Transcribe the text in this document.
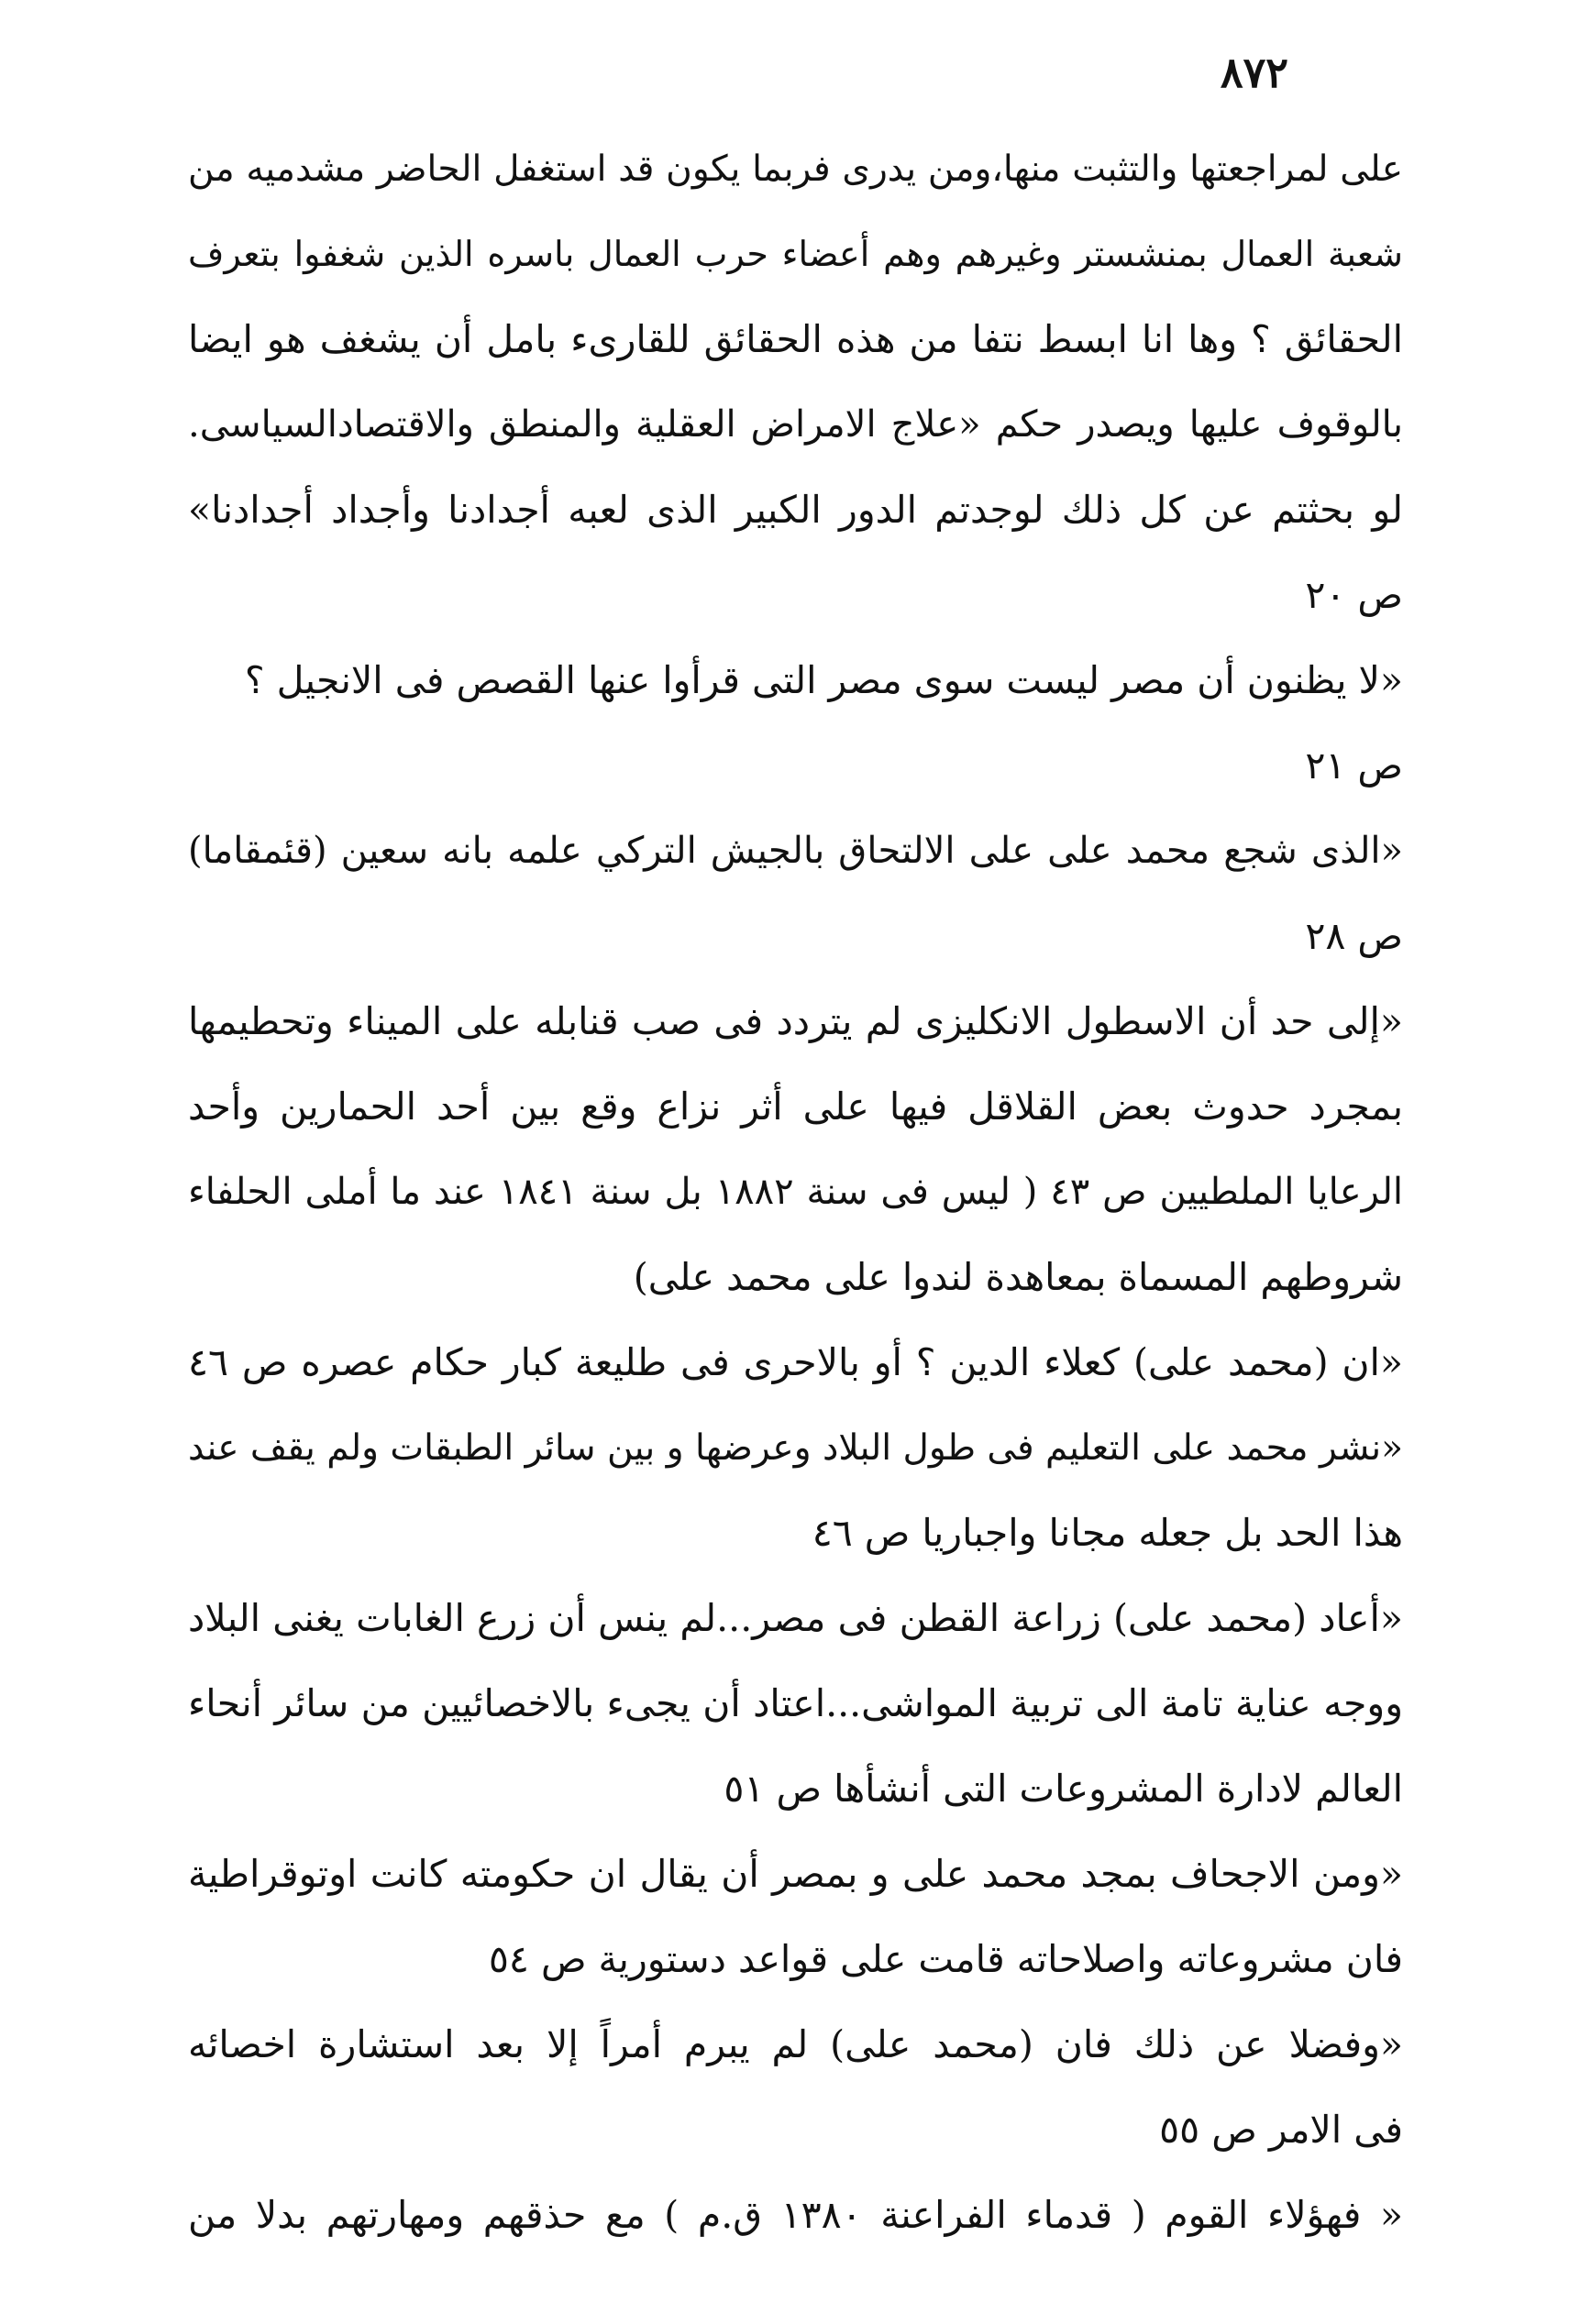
٨٧٢
على لمراجعتها والتثبت منها،ومن يدرى فربما يكون قد استغفل الحاضر مشدميه من
شعبة العمال بمنشستر وغيرهم وهم أعضاء حرب العمال باسره الذين شغفوا بتعرف
الحقائق ؟ وها انا ابسط نتفا من هذه الحقائق للقارىء بامل أن يشغف هو ايضا
بالوقوف عليها ويصدر حكم «علاج الامراض العقلية والمنطق والاقتصادالسياسى.
لو بحثتم عن كل ذلك لوجدتم الدور الكبير الذى لعبه أجدادنا وأجداد أجدادنا»
ص ٢٠
«لا يظنون أن مصر ليست سوى مصر التى قرأوا عنها القصص فى الانجيل ؟
ص ٢١
«الذى شجع محمد على على الالتحاق بالجيش التركي علمه بانه سعين (قئمقاما)
ص ٢٨
«إلى حد أن الاسطول الانكليزى لم يتردد فى صب قنابله على الميناء وتحطيمها
بمجرد حدوث بعض القلاقل فيها على أثر نزاع وقع بين أحد الحمارين وأحد
الرعايا الملطيين ص ٤٣ ( ليس فى سنة ١٨٨٢ بل سنة ١٨٤١ عند ما أملى الحلفاء
شروطهم المسماة بمعاهدة لندوا على محمد على)
«ان (محمد على) كعلاء الدين ؟ أو بالاحرى فى طليعة كبار حكام عصره ص ٤٦
«نشر محمد على التعليم فى طول البلاد وعرضها و بين سائر الطبقات ولم يقف عند
هذا الحد بل جعله مجانا واجباريا ص ٤٦
«أعاد (محمد على) زراعة القطن فى مصر...لم ينس أن زرع الغابات يغنى البلاد
ووجه عناية تامة الى تربية المواشى...اعتاد أن يجىء بالاخصائيين من سائر أنحاء
العالم لادارة المشروعات التى أنشأها ص ٥١
«ومن الاجحاف بمجد محمد على و بمصر أن يقال ان حكومته كانت اوتوقراطية
فان مشروعاته واصلاحاته قامت على قواعد دستورية ص ٥٤
«وفضلا عن ذلك فان (محمد على) لم يبرم أمراً إلا بعد استشارة اخصائه
فى الامر ص ٥٥
« فهؤلاء القوم ( قدماء الفراعنة ١٣٨٠ ق.م ) مع حذقهم ومهارتهم بدلا من
